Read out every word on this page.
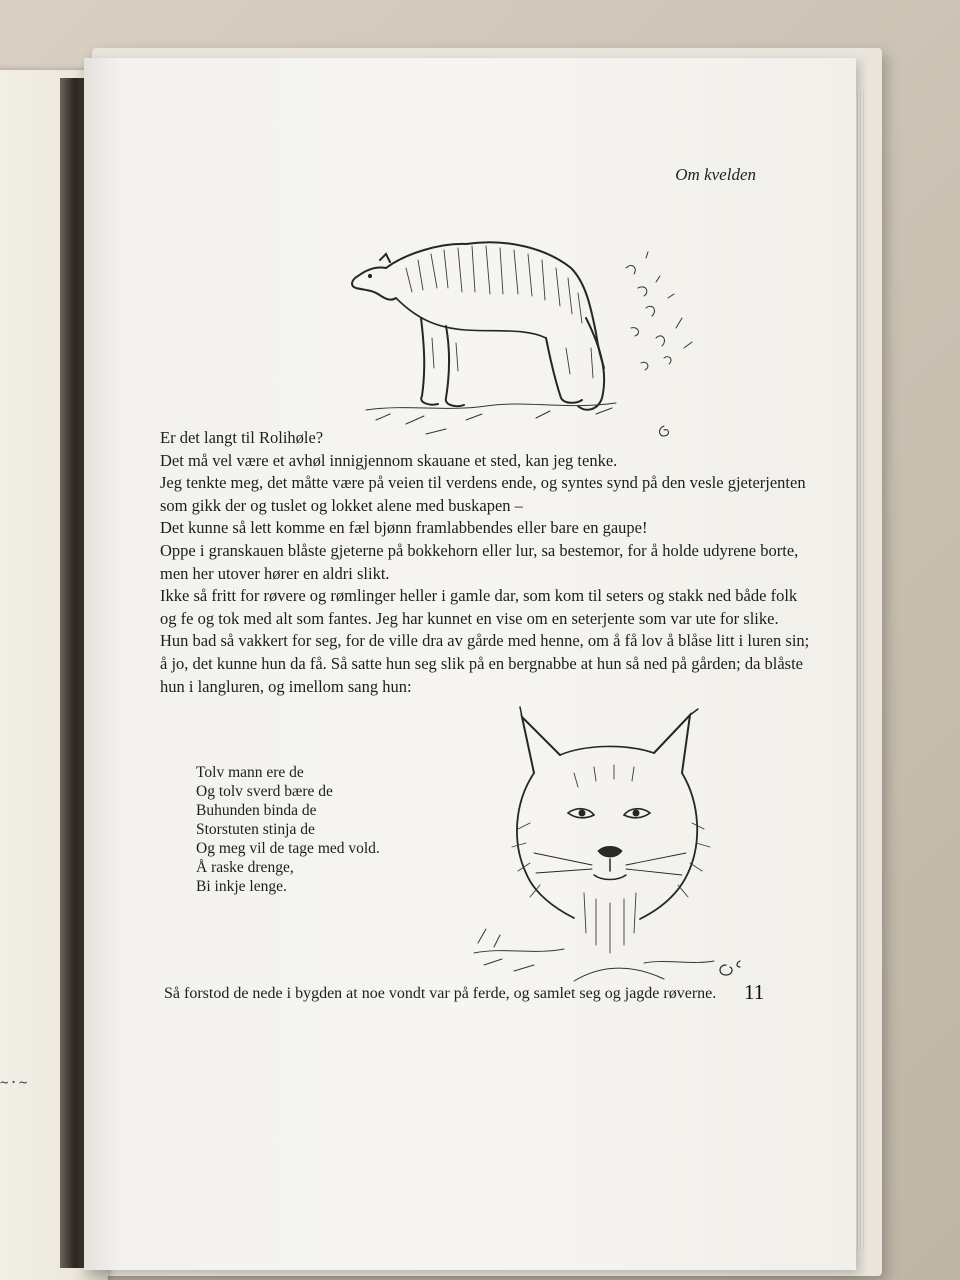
~·~

Om kvelden

Er det langt til Rolihøle?

Det må vel være et avhøl innigjennom skauane et sted, kan jeg tenke.

Jeg tenkte meg, det måtte være på veien til verdens ende, og syntes synd på den vesle gjeterjenten som gikk der og tuslet og lokket alene med buskapen –

Det kunne så lett komme en fæl bjønn framlabbendes eller bare en gaupe!

Oppe i granskauen blåste gjeterne på bokkehorn eller lur, sa bestemor, for å holde udyrene borte, men her utover hører en aldri slikt.

Ikke så fritt for røvere og rømlinger heller i gamle dar, som kom til seters og stakk ned både folk og fe og tok med alt som fantes. Jeg har kunnet en vise om en seterjente som var ute for slike. Hun bad så vakkert for seg, for de ville dra av gårde med henne, om å få lov å blåse litt i luren sin; å jo, det kunne hun da få. Så satte hun seg slik på en bergnabbe at hun så ned på gården; da blåste hun i langluren, og imellom sang hun:

Tolv mann ere de
Og tolv sverd bære de
Buhunden binda de
Storstuten stinja de
Og meg vil de tage med vold.
Å raske drenge,
Bi inkje lenge.

Så forstod de nede i bygden at noe vondt var på ferde, og samlet seg og jagde røverne.	11
